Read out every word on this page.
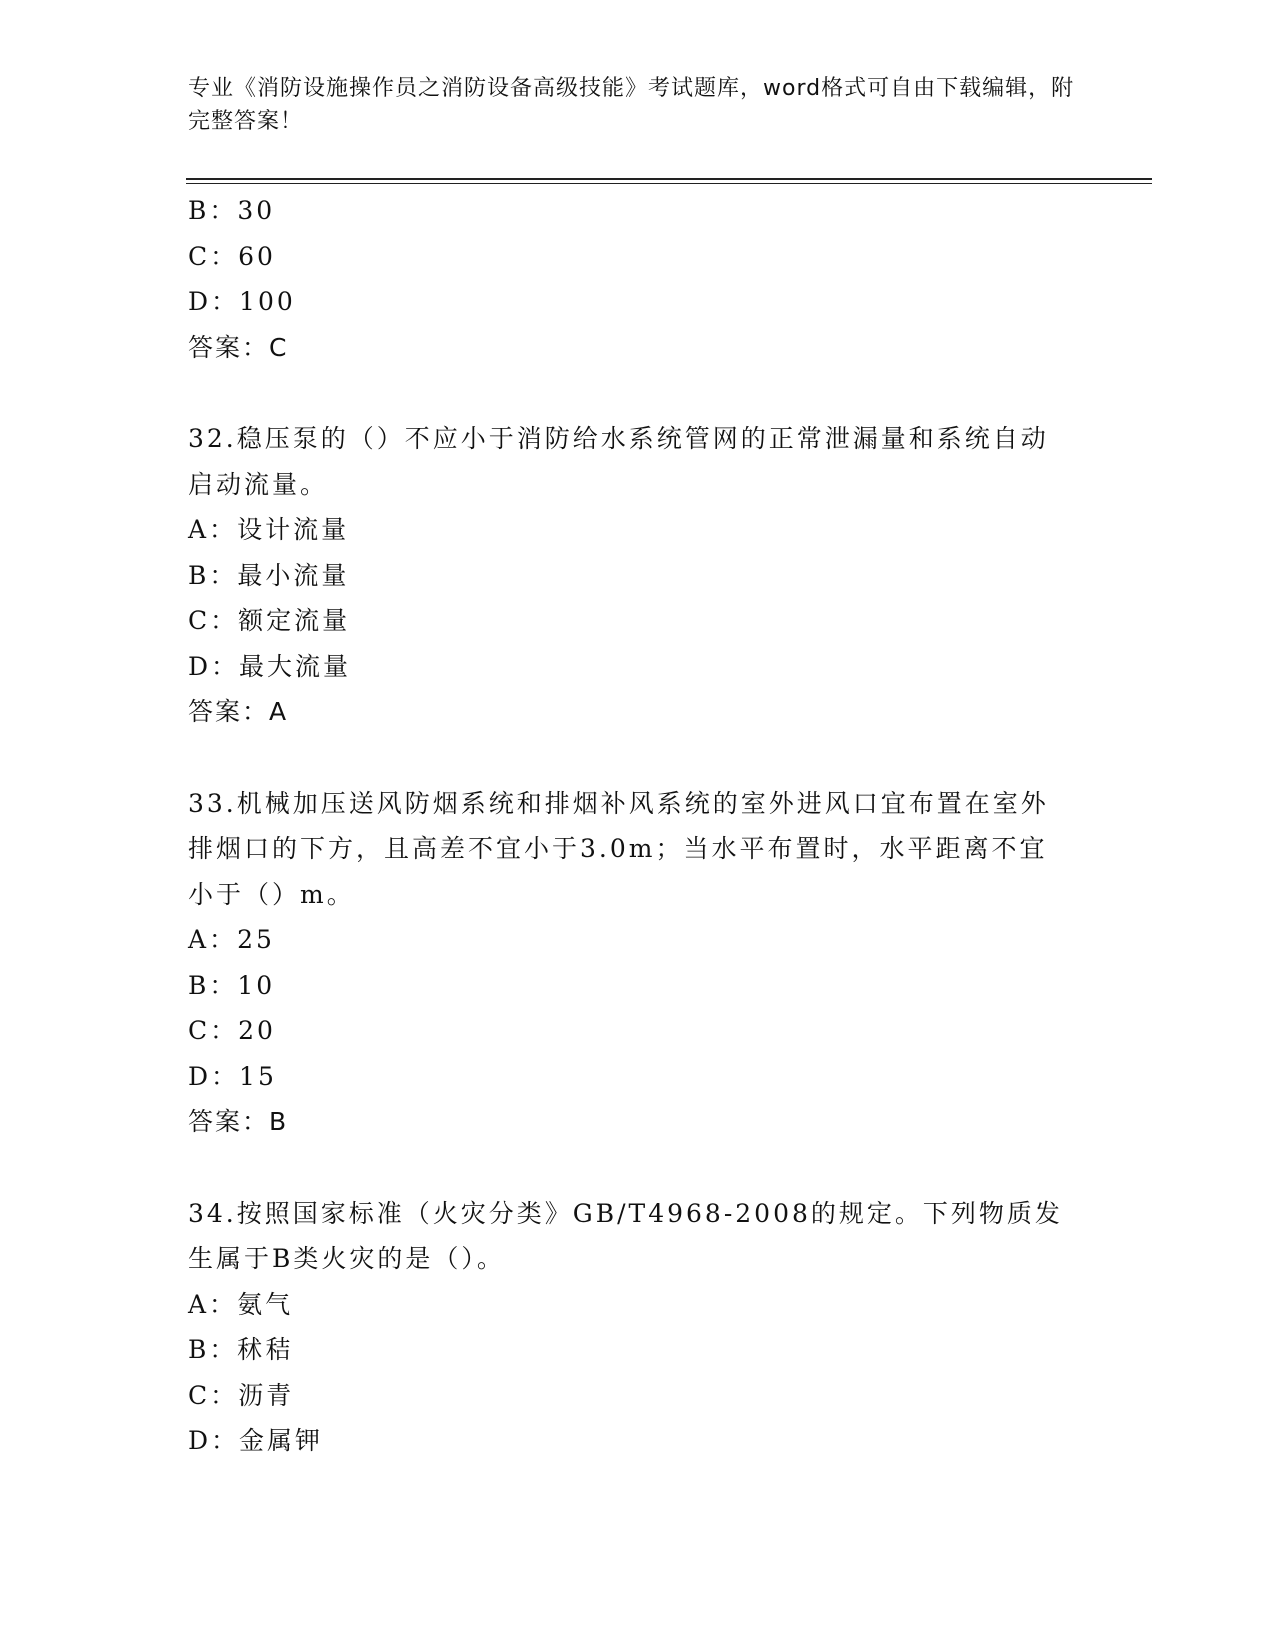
专业《消防设施操作员之消防设备高级技能》考试题库，word格式可自由下载编辑，附完整答案！
B：30
C：60
D：100
答案：C
32.稳压泵的（）不应小于消防给水系统管网的正常泄漏量和系统自动启动流量。
A：设计流量
B：最小流量
C：额定流量
D：最大流量
答案：A
33.机械加压送风防烟系统和排烟补风系统的室外进风口宜布置在室外排烟口的下方，且高差不宜小于3.0m；当水平布置时，水平距离不宜小于（）m。
A：25
B：10
C：20
D：15
答案：B
34.按照国家标准（火灾分类》GB/T4968-2008的规定。下列物质发生属于B类火灾的是（）。
A：氨气
B：秫秸
C：沥青
D：金属钾
